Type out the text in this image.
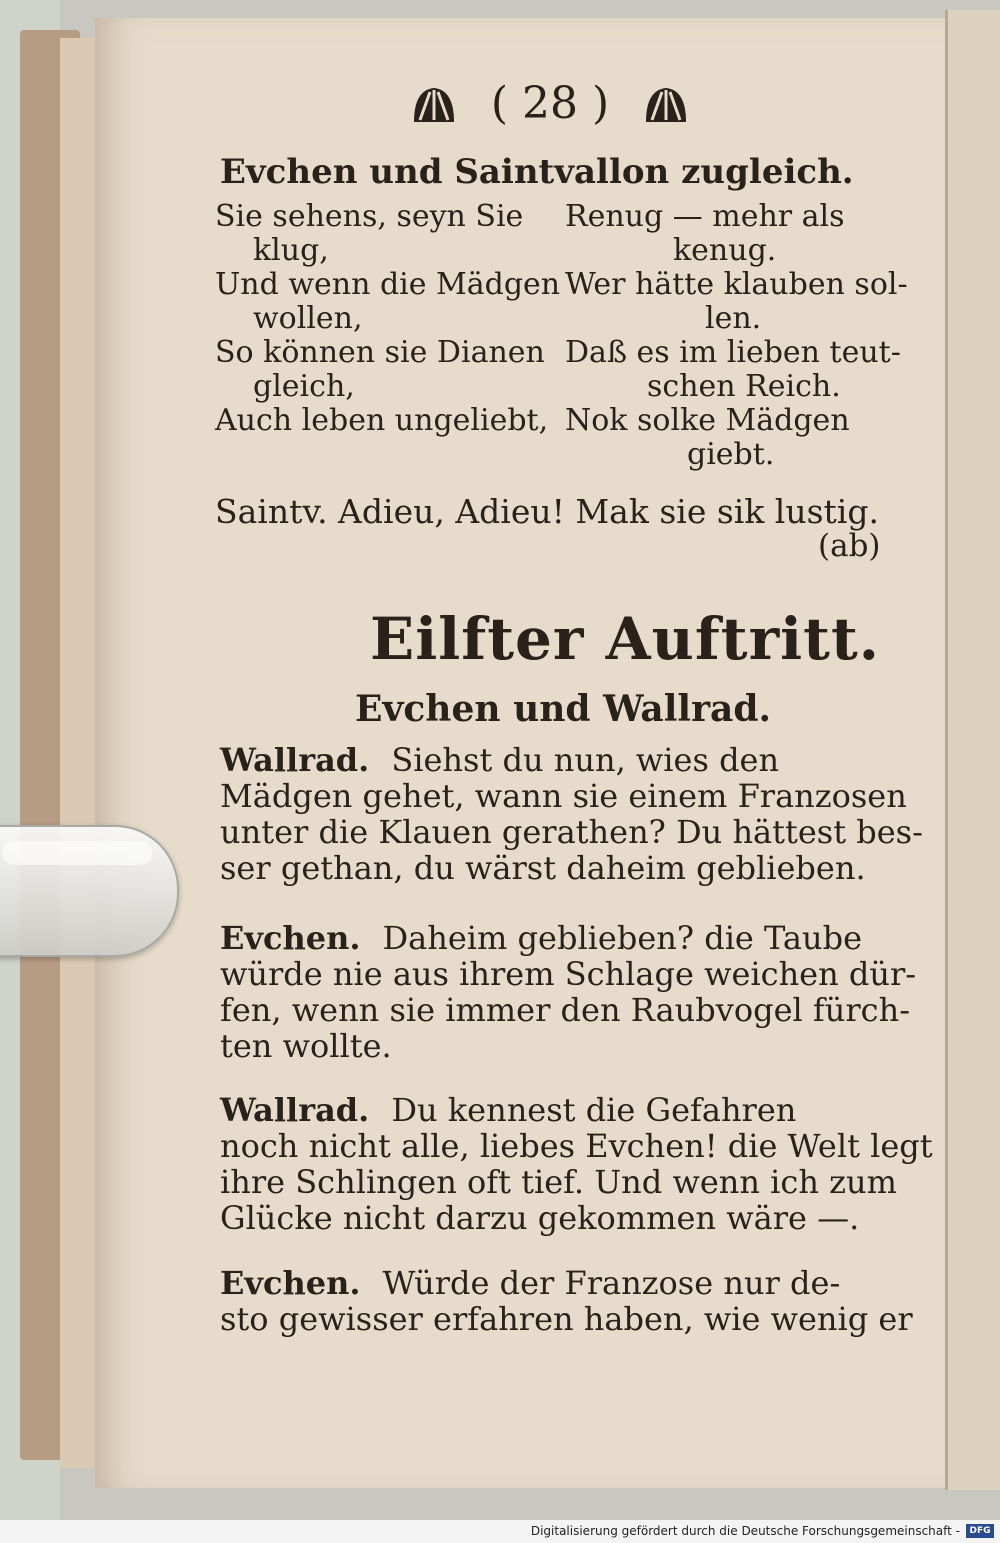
( 28 )
Evchen und Saintvallon zugleich.
Sie sehens, seyn Sie
klug,
Und wenn die Mädgen
wollen,
So können sie Dianen
gleich,
Auch leben ungeliebt,
Renug — mehr als
kenug.
Wer hätte klauben sol-
len.
Daß es im lieben teut-
schen Reich.
Nok solke Mädgen
giebt.
Saintv. Adieu, Adieu! Mak sie sik lustig.
(ab)
Eilfter Auftritt.
Evchen und Wallrad.
Wallrad. Siehst du nun, wies den
Mädgen gehet, wann sie einem Franzosen
unter die Klauen gerathen? Du hättest bes-
ser gethan, du wärst daheim geblieben.
Evchen. Daheim geblieben? die Taube
würde nie aus ihrem Schlage weichen dür-
fen, wenn sie immer den Raubvogel fürch-
ten wollte.
Wallrad. Du kennest die Gefahren
noch nicht alle, liebes Evchen! die Welt legt
ihre Schlingen oft tief. Und wenn ich zum
Glücke nicht darzu gekommen wäre —.
Evchen. Würde der Franzose nur de-
sto gewisser erfahren haben, wie wenig er
Digitalisierung gefördert durch die Deutsche Forschungsgemeinschaft -	DFG
